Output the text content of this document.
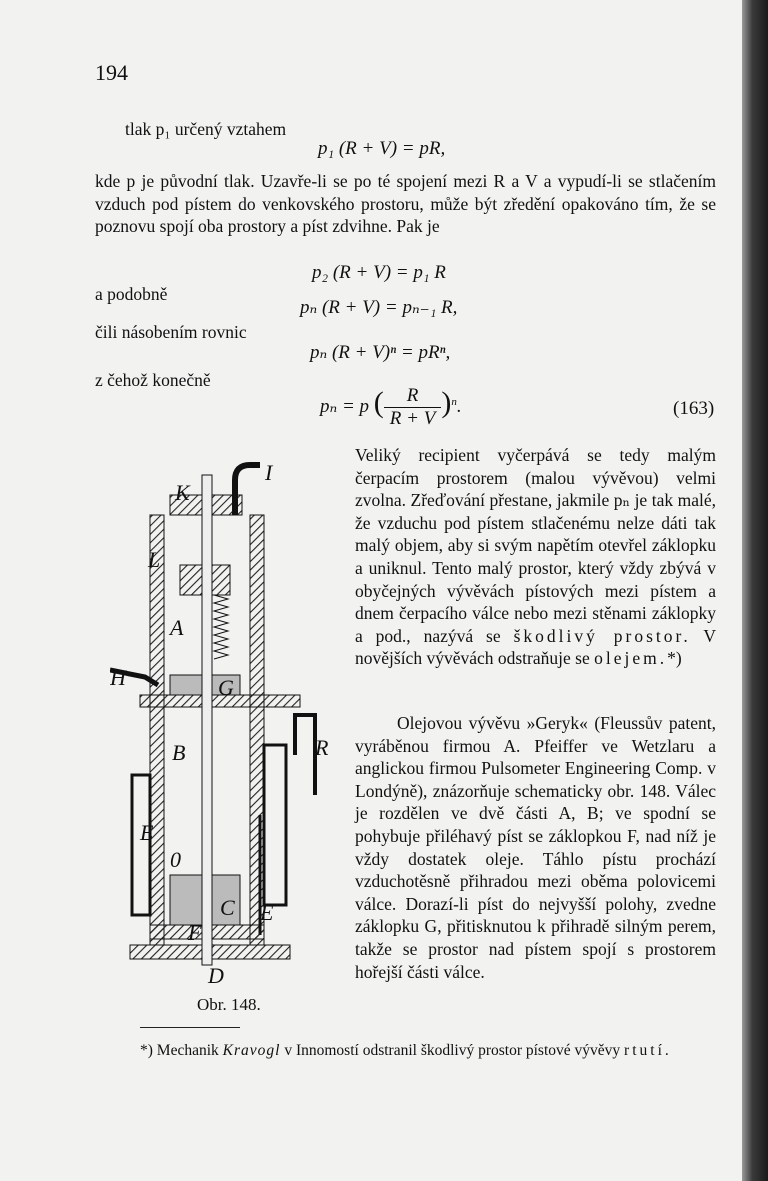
194
tlak p₁ určený vztahem
p₁ (R + V) = pR,
kde p je původní tlak. Uzavře-li se po té spojení mezi R a V a vypudí-li se stlačením vzduch pod pístem do venkovského prostoru, může být zředění opakováno tím, že se poznovu spojí oba prostory a píst zdvihne. Pak je
p₂ (R + V) = p₁ R
a podobně
pₙ (R + V) = pₙ₋₁ R,
čili násobením rovnic
pₙ (R + V)ⁿ = pRⁿ,
z čehož konečně
pₙ = p ( $\frac{R}{R + V} )^n$.	(163)
Veliký recipient vyčerpává se tedy malým čerpacím prostorem (malou vývěvou) velmi zvolna. Zřeďování přestane, jakmile pₙ je tak malé, že vzduchu pod pístem stlačenému nelze dáti tak malý objem, aby si svým napětím otevřel záklopku a uniknul. Tento malý prostor, který vždy zbývá v obyčejných vývěvách pístových mezi pístem a dnem čerpacího válce nebo mezi stěnami záklopky a pod., nazývá se škodlivý prostor. V novějších vývěvách odstraňuje se olejem.*)
Olejovou vývěvu »Geryk« (Fleussův patent, vyráběnou firmou A. Pfeiffer ve Wetzlaru a anglickou firmou Pulsometer Engineering Comp. v Londýně), znázorňuje schematicky obr. 148. Válec je rozdělen ve dvě části A, B; ve spodní se pohybuje přiléhavý píst se záklopkou F, nad níž je vždy dostatek oleje. Táhlo pístu prochází vzduchotěsně přihradou mezi oběma polovicemi válce. Dorazí-li píst do nejvyšší polohy, zvedne záklopku G, přitisknutou k přihradě silným perem, takže se prostor nad pístem spojí s prostorem hořejší části válce.
I
K
L
A
H	G
B	R
E
0
C E
F
D
Obr. 148.
*) Mechanik Kravogl v Innomostí odstranil škodlivý prostor pístové vývěvy rtutí.
